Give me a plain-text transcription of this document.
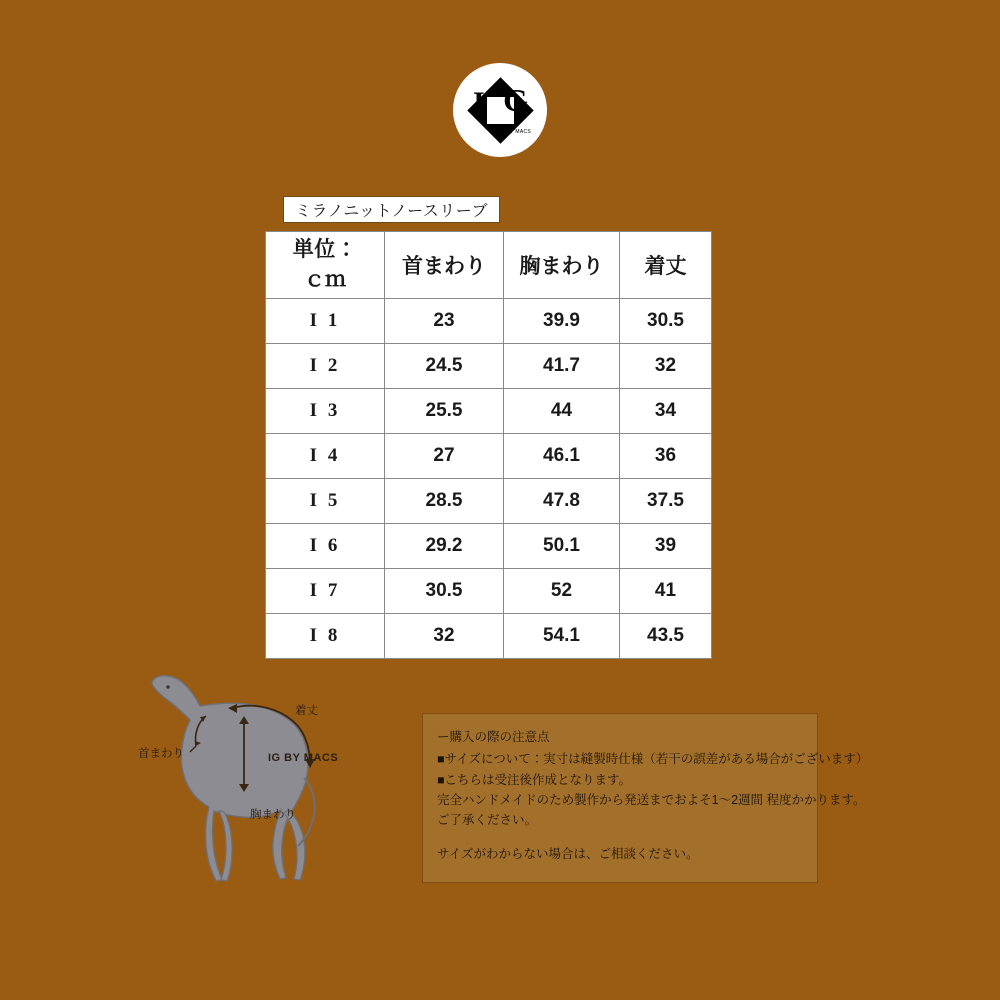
I G
BY MACS
ミラノニットノースリーブ
単位：
ｃｍ	首まわり	胸まわり	着丈
I 1	23	39.9	30.5
I 2	24.5	41.7	32
I 3	25.5	44	34
I 4	27	46.1	36
I 5	28.5	47.8	37.5
I 6	29.2	50.1	39
I 7	30.5	52	41
I 8	32	54.1	43.5
着丈
首まわり
胸まわり
IG BY MACS
ー購入の際の注意点
■サイズについて：実寸は縫製時仕様（若干の誤差がある場合がございます）
■こちらは受注後作成となります。
完全ハンドメイドのため製作から発送までおよそ1〜2週間 程度かかります。
ご了承ください。
サイズがわからない場合は、ご相談ください。
